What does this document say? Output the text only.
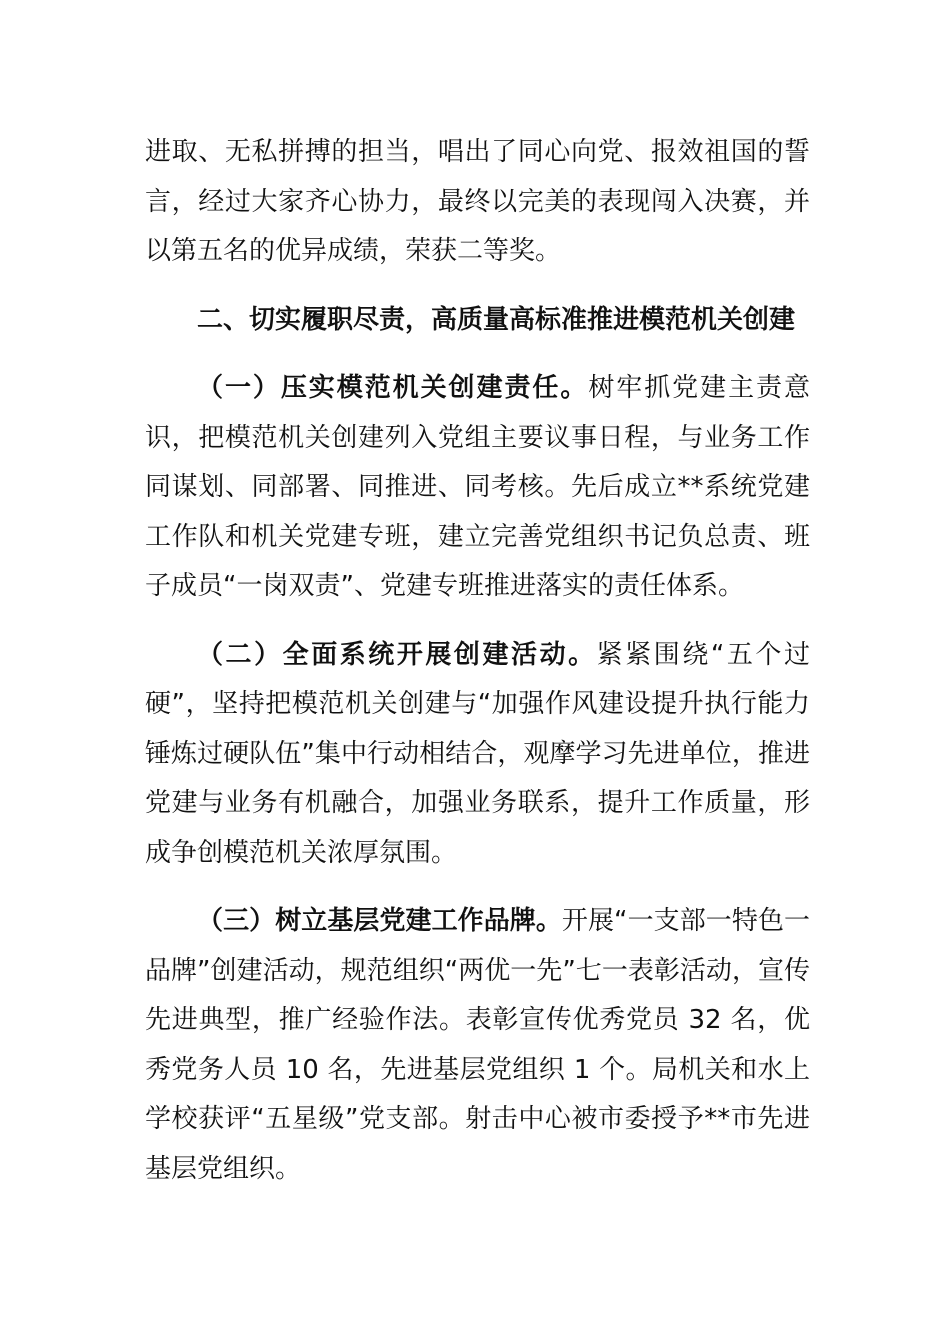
进取、无私拼搏的担当，唱出了同心向党、报效祖国的誓言，经过大家齐心协力，最终以完美的表现闯入决赛，并以第五名的优异成绩，荣获二等奖。

二、切实履职尽责，高质量高标准推进模范机关创建

（一）压实模范机关创建责任。树牢抓党建主责意识，把模范机关创建列入党组主要议事日程，与业务工作同谋划、同部署、同推进、同考核。先后成立**系统党建工作队和机关党建专班，建立完善党组织书记负总责、班子成员“一岗双责”、党建专班推进落实的责任体系。

（二）全面系统开展创建活动。紧紧围绕“五个过硬”，坚持把模范机关创建与“加强作风建设提升执行能力锤炼过硬队伍”集中行动相结合，观摩学习先进单位，推进党建与业务有机融合，加强业务联系，提升工作质量，形成争创模范机关浓厚氛围。

（三）树立基层党建工作品牌。开展“一支部一特色一品牌”创建活动，规范组织“两优一先”七一表彰活动，宣传先进典型，推广经验作法。表彰宣传优秀党员 32 名，优秀党务人员 10 名，先进基层党组织 1 个。局机关和水上学校获评“五星级”党支部。射击中心被市委授予**市先进基层党组织。
